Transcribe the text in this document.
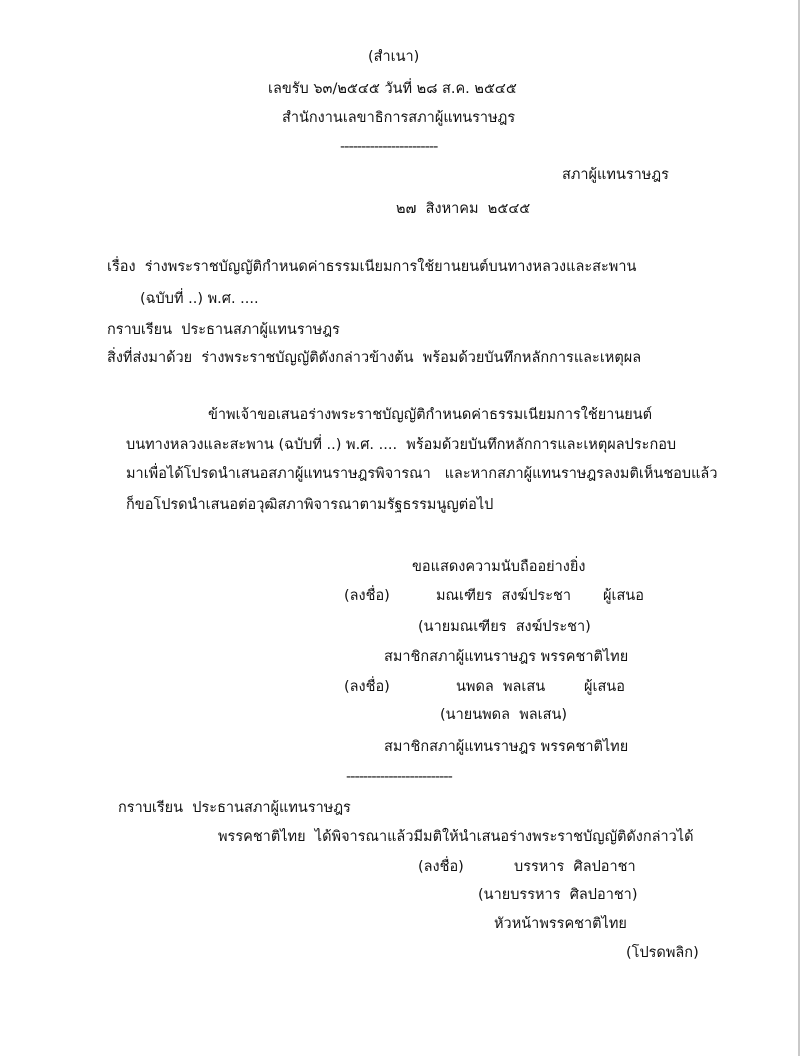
(สำเนา)
เลขรับ ๖๓/๒๕๔๕ วันที่ ๒๘ ส.ค. ๒๕๔๕
สำนักงานเลขาธิการสภาผู้แทนราษฎร
-----------------------
สภาผู้แทนราษฎร
๒๗  สิงหาคม  ๒๕๔๕
เรื่อง  ร่างพระราชบัญญัติกำหนดค่าธรรมเนียมการใช้ยานยนต์บนทางหลวงและสะพาน
(ฉบับที่ ..) พ.ศ. ....
กราบเรียน  ประธานสภาผู้แทนราษฎร
สิ่งที่ส่งมาด้วย  ร่างพระราชบัญญัติดังกล่าวข้างต้น  พร้อมด้วยบันทึกหลักการและเหตุผล
ข้าพเจ้าขอเสนอร่างพระราชบัญญัติกำหนดค่าธรรมเนียมการใช้ยานยนต์
บนทางหลวงและสะพาน (ฉบับที่ ..) พ.ศ. ....  พร้อมด้วยบันทึกหลักการและเหตุผลประกอบ
มาเพื่อได้โปรดนำเสนอสภาผู้แทนราษฎรพิจารณา   และหากสภาผู้แทนราษฎรลงมติเห็นชอบแล้ว
ก็ขอโปรดนำเสนอต่อวุฒิสภาพิจารณาตามรัฐธรรมนูญต่อไป
ขอแสดงความนับถืออย่างยิ่ง
(ลงชื่อ)	มณเฑียร  สงฆ์ประชา ผู้เสนอ
(นายมณเฑียร  สงฆ์ประชา)
สมาชิกสภาผู้แทนราษฎร พรรคชาติไทย
(ลงชื่อ)	นพดล  พลเสน	ผู้เสนอ
(นายนพดล  พลเสน)
สมาชิกสภาผู้แทนราษฎร พรรคชาติไทย
-------------------------
กราบเรียน  ประธานสภาผู้แทนราษฎร
พรรคชาติไทย  ได้พิจารณาแล้วมีมติให้นำเสนอร่างพระราชบัญญัติดังกล่าวได้
(ลงชื่อ)	บรรหาร  ศิลปอาชา
(นายบรรหาร  ศิลปอาชา)
หัวหน้าพรรคชาติไทย
(โปรดพลิก)
